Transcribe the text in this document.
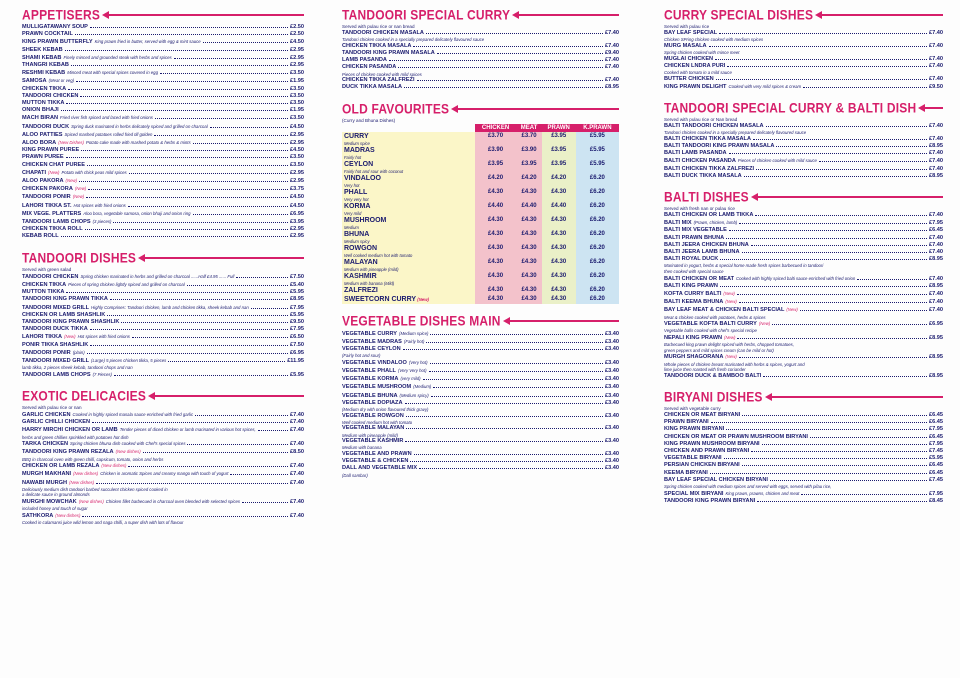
APPETISERS
MULLIGATAWANY SOUP	£2.50
PRAWN COCKTAIL	£2.50
KING PRAWN BUTTERFLY King prawn fried in butter, served with egg & mint sauce	£4.50
SHEEK KEBAB	£2.95
SHAMI KEBAB Finely minced and grounded steak with herbs and spices	£2.95
THANGRI KEBAB	£2.95
RESHMI KEBAB Minced meat with special spices covered in egg	£3.50
SAMOSA (Meat or veg)	£1.95
CHICKEN TIKKA	£3.50
TANDOORI CHICKEN	£3.50
MUTTON TIKKA	£3.50
ONION BHAJI	£1.95
MACH BIRAN Fried river fish spiced and laced with fried onions	£3.50
TANDOORI DUCK Spring duck marinated in herbs delicately spiced and grilled on charcoal	£4.50
ALOO PATTIES Spiced mashed potatoes rolled fried till golden	£2.95
ALOO BORA (New Dishes) Potato cake made with mashed potato & herbs & mints	£2.95
KING PRAWN PUREE	£4.50
PRAWN PUREE	£3.50
CHICKEN CHAT PUREE	£3.50
CHAPATI (New) Potato with chick peas mild spices	£2.95
ALOO PAKORA (New)	£2.95
CHICKEN PAKORA (New)	£3.75
TANDOORI PONIR (New)	£4.50
LAHORI TIKKA ST. Hot spices with fried onions	£4.50
MIX VEGE. PLATTERS Aloo bora, vegetable samosa, onion bhaji and onion ring	£6.95
TANDOORI LAMB CHOPS (3 pieces)	£3.95
CHICKEN TIKKA ROLL	£2.95
KEBAB ROLL	£2.95
TANDOORI DISHES
Served with green salad
TANDOORI CHICKEN Spring chicken marinated in herbs and grilled on charcoal ......Half £4.95 ...... Full	£7.50
CHICKEN TIKKA Pieces of spring chicken lightly spiced and grilled on charcoal	£5.40
MUTTON TIKKA	£5.95
TANDOORI KING PRAWN TIKKA	£8.95
TANDOORI MIXED GRILL Highly Comprises: Tandoori chicken, lamb and chicken tikka, sheek kebab and nan	£7.95
CHICKEN OR LAMB SHASHLIK	£5.95
TANDOORI KING PRAWN SHASHLIK	£9.50
TANDOORI DUCK TIKKA	£7.95
LAHORI TIKKA (New) Hot spices with fried onions	£6.50
PONIR TIKKA SHASHLIK	£7.50
TANDOORI PONIR (plain)	£6.95
TANDOORI MIXED GRILL (Large) 5 pieces chicken tikka, 5 pieces	£11.95
lamb tikka, 2 pieces sheek kebab, tandoori chops and nan
TANDOORI LAMB CHOPS (7 Pieces)	£5.95
EXOTIC DELICACIES
Served with pulau rice or nan
GARLIC CHICKEN Cooked in highly spiced masala sauce enriched with fried garlic	£7.40
GARLIC CHILLI CHICKEN	£7.40
HARRY MIRCHI CHICKEN OR LAMB Tender pieces of diced chicken or lamb marinated in various hot spices,	£7.40
herbs and green chillies sprinkled with potatoes hot dish
TARKA CHICKEN Spring chicken bhuna dish cooked with Chef's special spices	£7.40
TANDOORI KING PRAWN REZALA (New dishes)	£8.50
BBQ in charcoal oven with green chilli, capsicum, tomato, onion and herbs
CHICKEN OR LAMB REZALA (New dishes)	£7.40
MURGH MAKHANI (New dishes) Chicken in aromatic Spices and creamy mango with touch of yogurt	£7.40
NAWABI MURGH (New dishes)	£7.40
Deliciously medium dish tandoori barbed succulent chicken spiced cooked in
a delicate sauce in ground almonds
MURGHI MOWCHAK (New dishes) Chicken fillet barbecued in charcoal oven blended with selected spices	£7.40
included honey and touch of sugar
SATHKORA (New dishes)	£7.40
Cooked in calamansi juice wild lemon and naga chilli, a super dish with lots of flavour
TANDOORI SPECIAL CURRY
Served with pulau rice or nan bread
TANDOORI CHICKEN MASALA	£7.40
Tandoori chicken cooked in a specially prepared delicately flavoured sauce
CHICKEN TIKKA MASALA	£7.40
TANDOORI KING PRAWN MASALA	£9.40
LAMB PASANDA	£7.40
CHICKEN PASANDA	£7.40
Pieces of chicken cooked with mild spices
CHICKEN TIKKA ZALFREZI	£7.40
DUCK TIKKA MASALA	£8.95
OLD FAVOURITES
(Curry and Bhuna Dishes)
	CHICKEN	MEAT	PRAWN	K.PRAWN
CURRY	£3.70	£3.70	£3.95	£5.95
Medium spice				
MADRAS	£3.90	£3.90	£3.95	£5.95
Fairly hot				
CEYLON	£3.95	£3.95	£3.95	£5.95
Fairly hot and sour with coconut				
VINDALOO	£4.20	£4.20	£4.20	£6.20
Very hot				
PHALL	£4.30	£4.30	£4.30	£6.20
Very very hot				
KORMA	£4.40	£4.40	£4.40	£6.20
Very mild				
MUSHROOM	£4.30	£4.30	£4.30	£6.20
Medium				
BHUNA	£4.30	£4.30	£4.30	£6.20
Medium spicy				
ROWGON	£4.30	£4.30	£4.30	£6.20
Well cooked medium hot with tomato				
MALAYAN	£4.30	£4.30	£4.30	£6.20
Medium with pineapple (mild)				
KASHMIR	£4.30	£4.30	£4.30	£6.20
Medium with banana (Mild)				
ZALFREZI	£4.30	£4.30	£4.30	£6.20
SWEETCORN CURRY (New)	£4.30	£4.30	£4.30	£6.20
VEGETABLE DISHES MAIN
VEGETABLE CURRY (Medium spice)	£3.40
VEGETABLE MADRAS (Fairly hot)	£3.40
VEGETABLE CEYLON	£3.40
(Fairly hot and sour)
VEGETABLE VINDALOO (Very hot)	£3.40
VEGETABLE PHALL (Very Very hot)	£3.40
VEGETABLE KORMA (very mild)	£3.40
VEGETABLE MUSHROOM (Medium)	£3.40
VEGETABLE BHUNA (Medium spicy)	£3.40
VEGETABLE DOPIAZA	£3.40
(Medium dry with onion flavoured thick gravy)
VEGETABLE ROWGON	£3.40
Well cooked medium hot with tomato
VEGETABLE MALAYAN	£3.40
Medium with pineapple (mild)
VEGETABLE KASHMIR	£3.40
Medium with banana
VEGETABLE AND PRAWN	£3.40
VEGETABLE & CHICKEN	£3.40
DALL AND VEGETABLE MIX	£3.40
(Dall sambar)
CURRY SPECIAL DISHES
Served with pulau rice
BAY LEAF SPECIAL	£7.40
Chicken SPring chicken cooked with medium spices
MURG MASALA	£7.40
Spring chicken cooked with mince meet
MUGLAI CHICKEN	£7.40
CHICKEN LNDRA PURI	£7.40
Cooked with tomato in a mild sauce
BUTTER CHICKEN	£7.40
KING PRAWN DELIGHT Cooked with very mild spices & cream	£9.50
TANDOORI SPECIAL CURRY & BALTI DISH
Served with pulau rice or Nan bread
BALTI TANDOORI CHICKEN MASALA	£7.40
Tandoori chicken cooked in a specially prepared delicately flavoured sauce
BALTI CHICKEN TIKKA MASALA	£7.40
BALTI TANDOORI KING PRAWN MASALA	£8.95
BALTI LAMB PASANDA	£7.40
BALTI CHICKEN PASANDA Pieces of chicken cooked with mild sauce	£7.40
BALTI CHICKEN TIKKA ZALFREZI	£7.40
BALTI DUCK TIKKA MASALA	£8.95
BALTI DISHES
Served with fresh nan or pulau rice
BALTI CHICKEN OR LAMB TIKKA	£7.40
BALTI MIX (Prawn, chicken, lamb)	£7.95
BALTI MIX VEGETABLE	£6.45
BALTI PRAWN BHUNA	£7.40
BALTI JEERA CHICKEN BHUNA	£7.40
BALTI JEERA LAMB BHUNA	£7.40
BALTI ROYAL DUCK	£8.95
Marinated in yogurt, herbs & special home made fresh spices barbecued in tandoori
then cooked with special sauce
BALTI CHICKEN OR MEAT Cooked with highly spiced balti sauce enriched with fried onion	£7.40
BALTI KING PRAWN	£8.95
KOFTA CURRY BALTI (New)	£7.40
BALTI KEEMA BHUNA (New)	£7.40
BAY LEAF MEAT & CHICKEN BALTI SPECIAL (New)	£7.40
Meat & chicken cooked with potatoes, herbs & spices
VEGETABLE KOFTA BALTI CURRY (New)	£6.95
Vegetable balls cooked with chef's special recipe
NEPALI KING PRAWN (New)	£8.95
Barbecued king prawn delight spiced with herbs, chopped tomatoes,
green peppers and mild spices cream (can be mild or hot)
MURGH SHAGORANA (New)	£8.95
Whole pieces of chicken breast marinated with herbs & spices, yogurt and
lime juice then roasted with fresh coriander
TANDOORI DUCK & BAMBOO BALTI	£8.95
BIRYANI DISHES
Served with vegetable curry
CHICKEN OR MEAT BIRYANI	£6.45
PRAWN BIRYANI	£6.45
KING PRAWN BIRYANI	£7.95
CHICKEN OR MEAT OR PRAWN MUSHROOM BIRYANI	£6.45
KING PRAWN MUSHROOM BIRYANI	£7.95
CHICKEN AND PRAWN BIRYANI	£7.45
VEGETABLE BIRYANI	£5.95
PERSIAN CHICKEN BIRYANI	£6.45
KEEMA BIRYANI	£6.45
BAY LEAF SPECIAL CHICKEN BIRYANI	£7.45
Spring chicken cooked with medium spices and served with eggs, served with pilau rice,
SPECIAL MIX BIRYANI King prawn, prawns, chicken and meat	£7.95
TANDOORI KING PRAWN BIRYANI	£8.45
